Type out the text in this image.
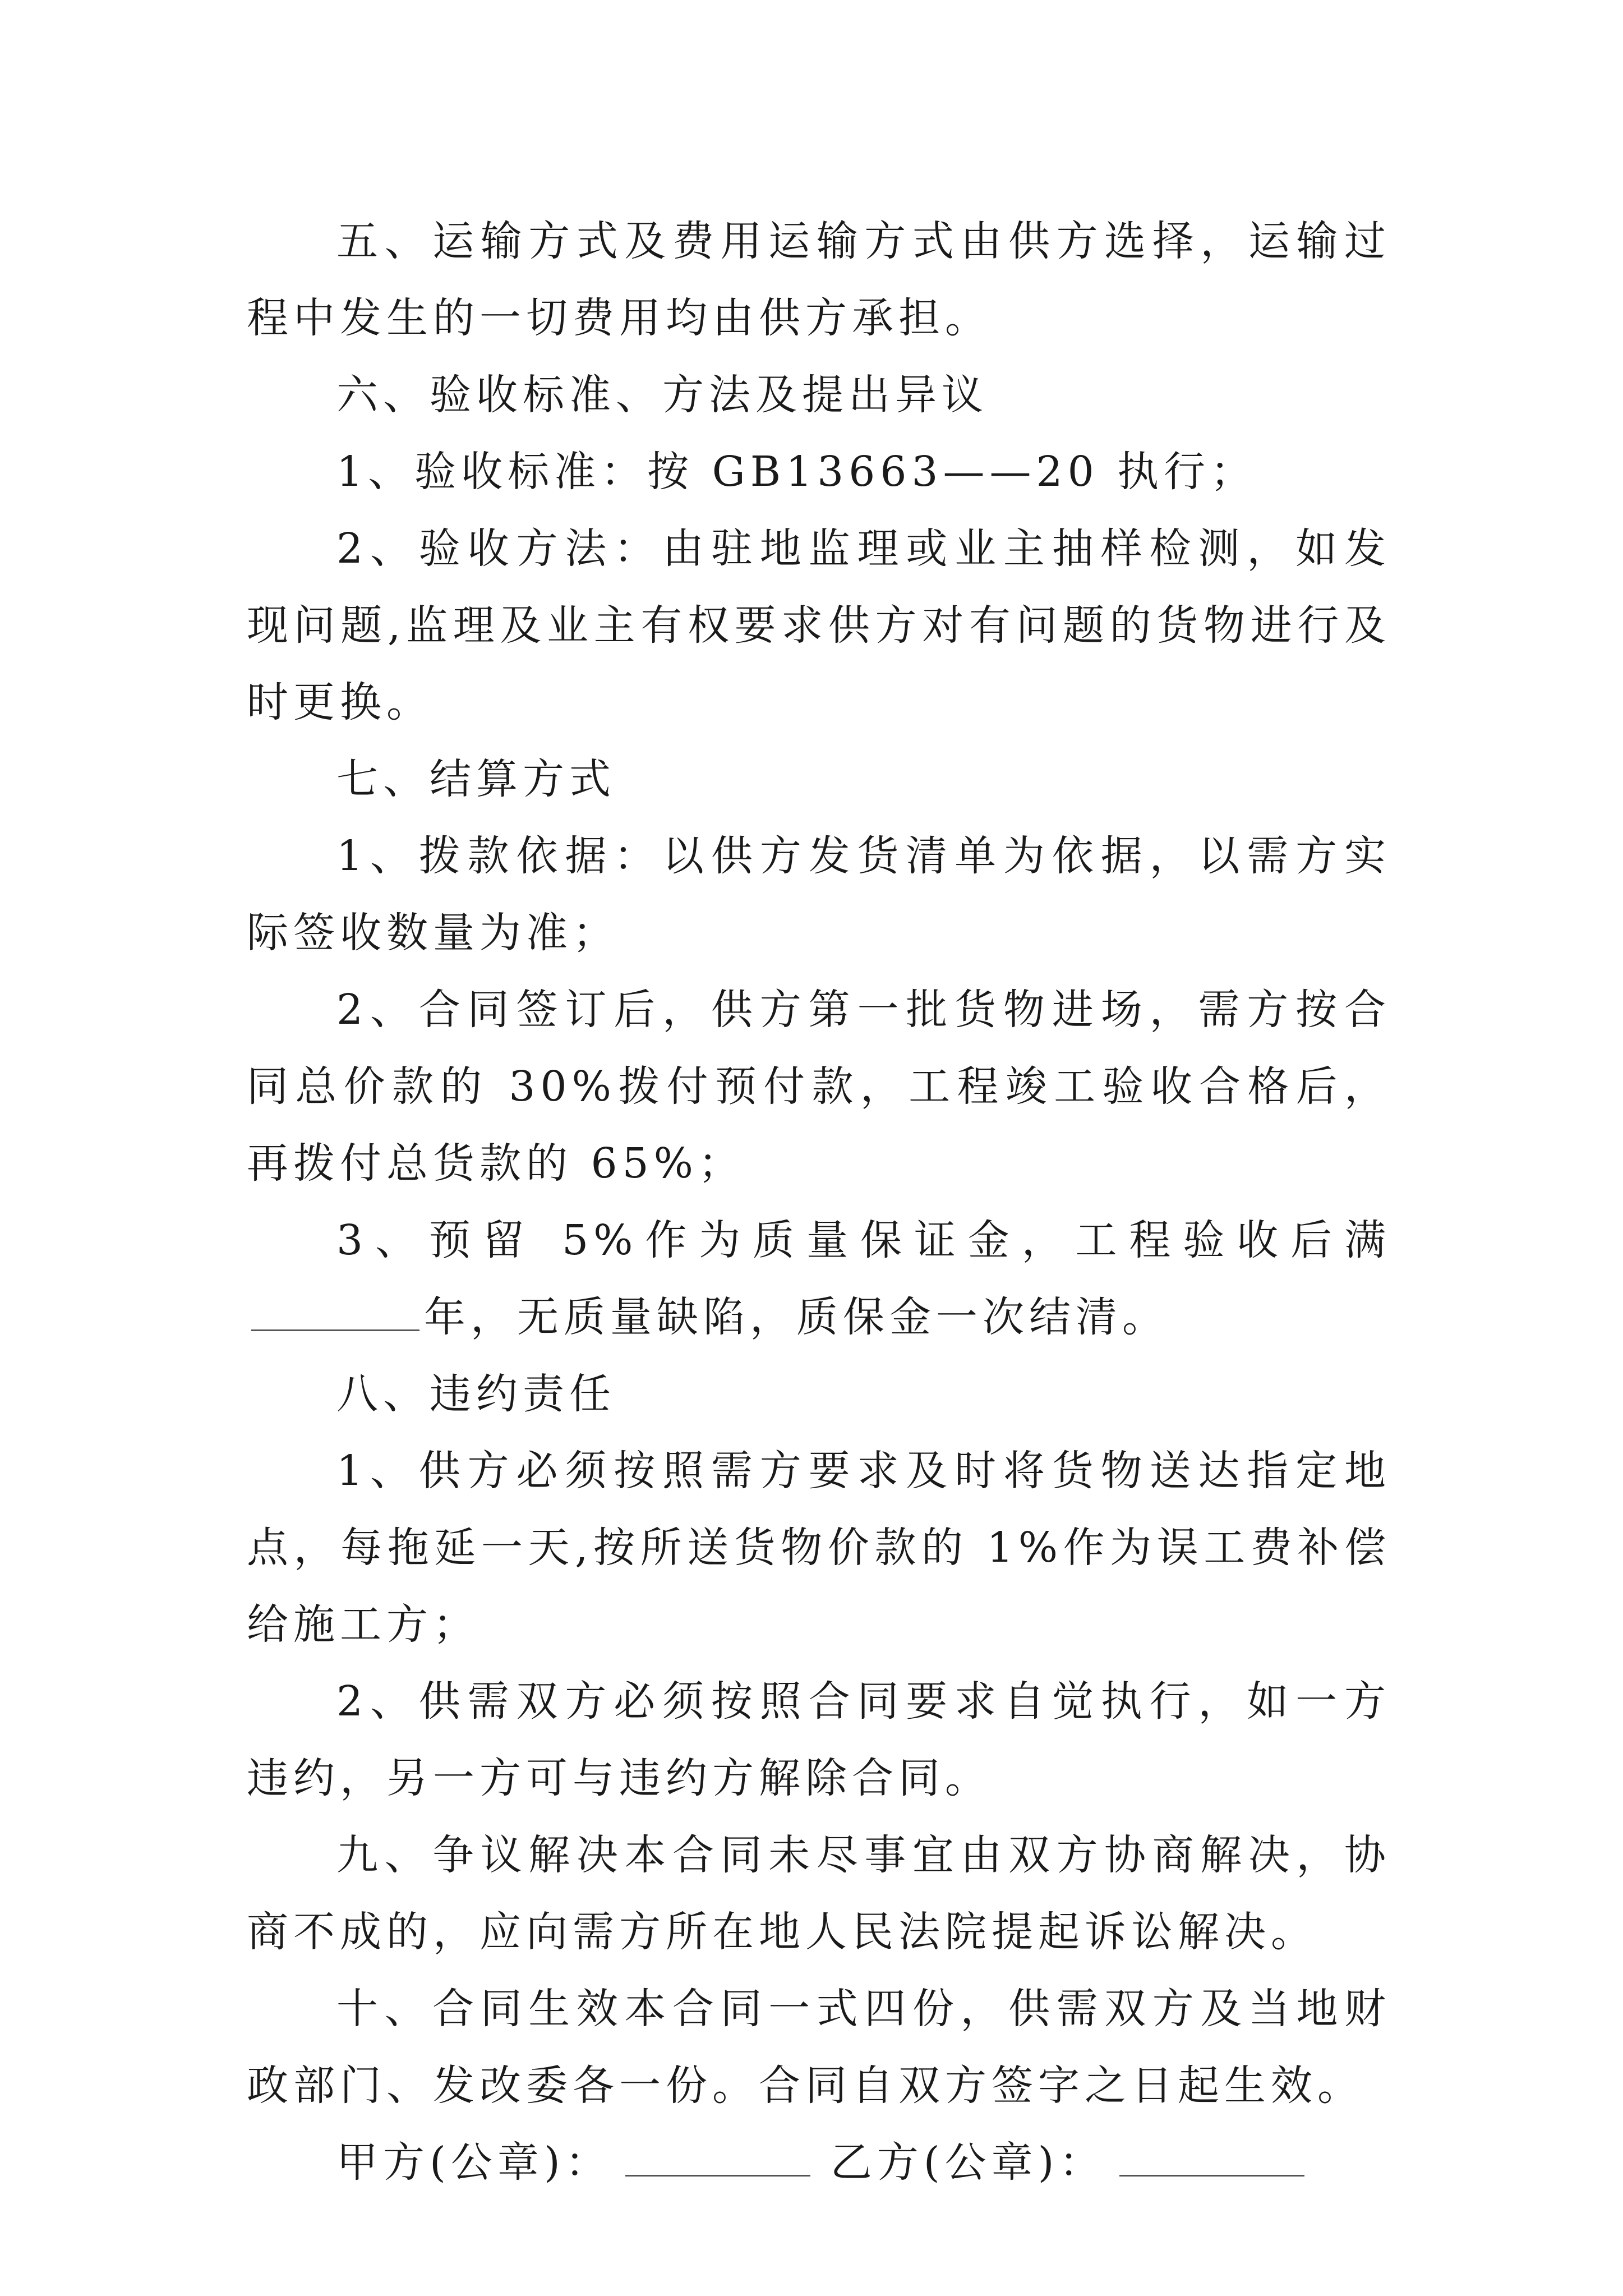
五、运输方式及费用运输方式由供方选择，运输过程中发生的一切费用均由供方承担。

六、验收标准、方法及提出异议

1、验收标准：按 GB13663——20 执行；

2、验收方法：由驻地监理或业主抽样检测，如发现问题,监理及业主有权要求供方对有问题的货物进行及时更换。

七、结算方式

1、拨款依据：以供方发货清单为依据，以需方实际签收数量为准；

2、合同签订后，供方第一批货物进场，需方按合同总价款的 30%拨付预付款，工程竣工验收合格后，再拨付总货款的 65%；

3、预留 5%作为质量保证金，工程验收后满年，无质量缺陷，质保金一次结清。

八、违约责任

1、供方必须按照需方要求及时将货物送达指定地点，每拖延一天,按所送货物价款的 1%作为误工费补偿给施工方；

2、供需双方必须按照合同要求自觉执行，如一方违约，另一方可与违约方解除合同。

九、争议解决本合同未尽事宜由双方协商解决，协商不成的，应向需方所在地人民法院提起诉讼解决。

十、合同生效本合同一式四份，供需双方及当地财政部门、发改委各一份。合同自双方签字之日起生效。

甲方(公章)：	乙方(公章)：
